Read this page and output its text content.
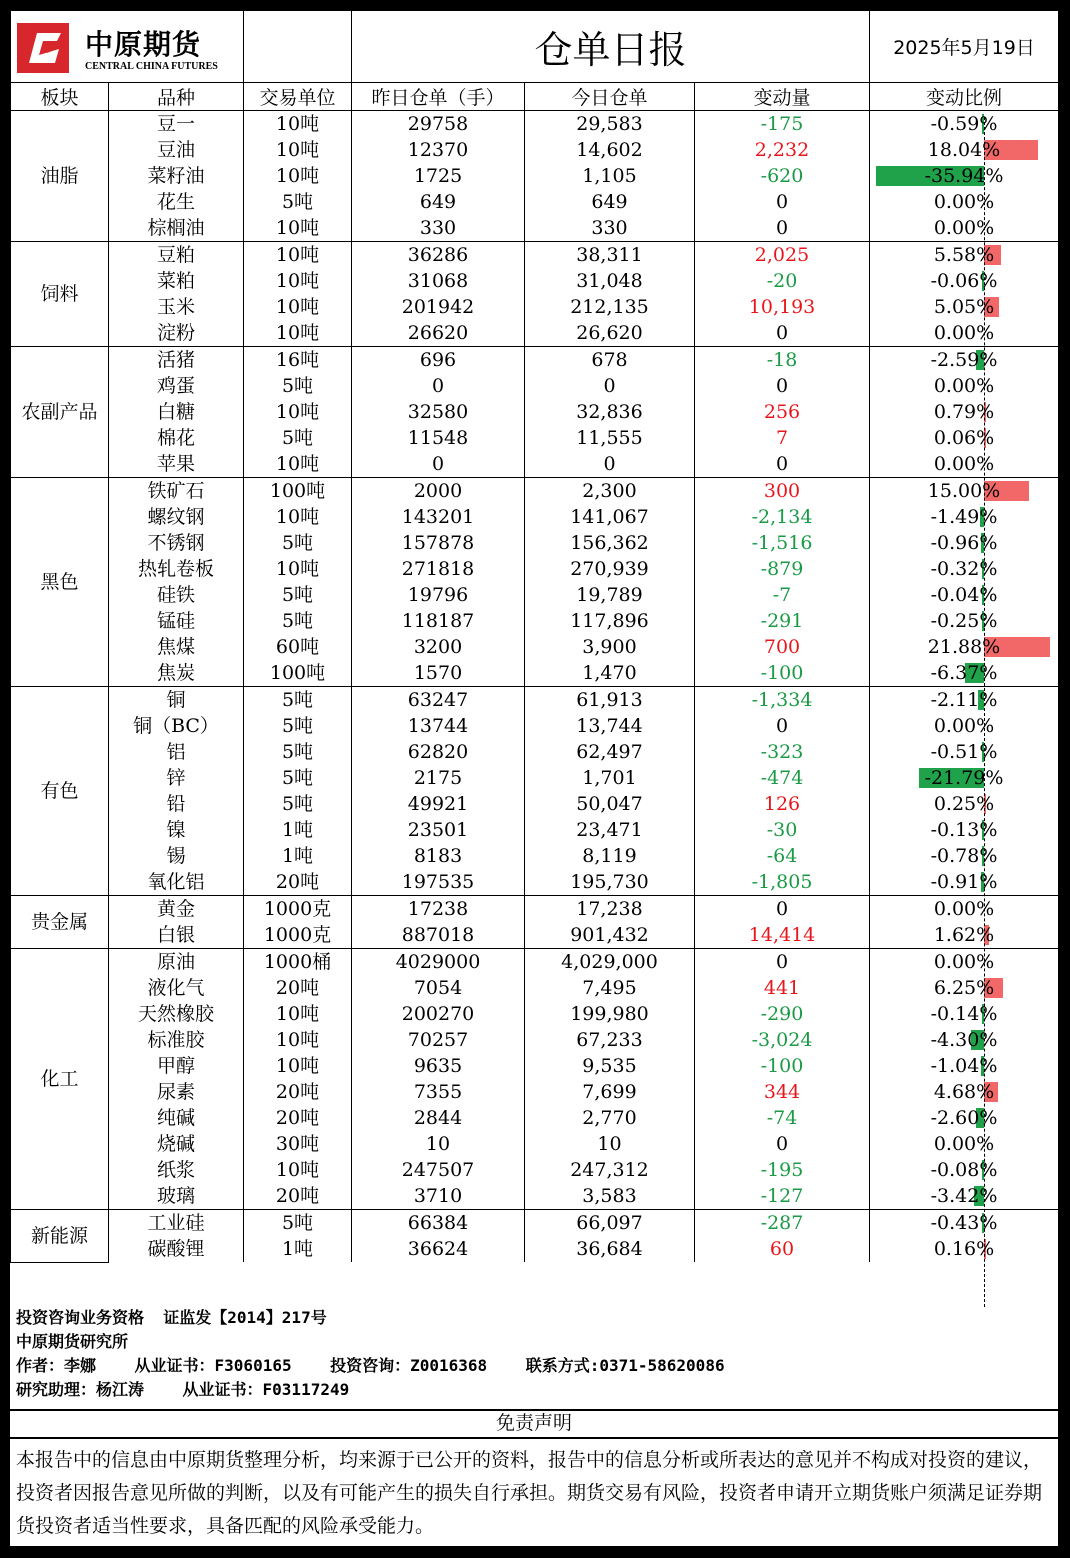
中原期货
CENTRAL CHINA FUTURES			仓单日报			2025年5月19日
板块	品种	交易单位	昨日仓单（手）	今日仓单	变动量	变动比例
油脂	豆一	10吨	29758	29,583	-175	-0.59%
	豆油	10吨	12370	14,602	2,232	18.04%
	菜籽油	10吨	1725	1,105	-620	-35.94%
	花生	5吨	649	649	0	0.00%
	棕榈油	10吨	330	330	0	0.00%
饲料	豆粕	10吨	36286	38,311	2,025	5.58%
	菜粕	10吨	31068	31,048	-20	-0.06%
	玉米	10吨	201942	212,135	10,193	5.05%
	淀粉	10吨	26620	26,620	0	0.00%
农副产品	活猪	16吨	696	678	-18	-2.59%
	鸡蛋	5吨	0	0	0	0.00%
	白糖	10吨	32580	32,836	256	0.79%
	棉花	5吨	11548	11,555	7	0.06%
	苹果	10吨	0	0	0	0.00%
黑色	铁矿石	100吨	2000	2,300	300	15.00%
	螺纹钢	10吨	143201	141,067	-2,134	-1.49%
	不锈钢	5吨	157878	156,362	-1,516	-0.96%
	热轧卷板	10吨	271818	270,939	-879	-0.32%
	硅铁	5吨	19796	19,789	-7	-0.04%
	锰硅	5吨	118187	117,896	-291	-0.25%
	焦煤	60吨	3200	3,900	700	21.88%
	焦炭	100吨	1570	1,470	-100	-6.37%
有色	铜	5吨	63247	61,913	-1,334	-2.11%
	铜（BC）	5吨	13744	13,744	0	0.00%
	铝	5吨	62820	62,497	-323	-0.51%
	锌	5吨	2175	1,701	-474	-21.79%
	铅	5吨	49921	50,047	126	0.25%
	镍	1吨	23501	23,471	-30	-0.13%
	锡	1吨	8183	8,119	-64	-0.78%
	氧化铝	20吨	197535	195,730	-1,805	-0.91%
贵金属	黄金	1000克	17238	17,238	0	0.00%
	白银	1000克	887018	901,432	14,414	1.62%
化工	原油	1000桶	4029000	4,029,000	0	0.00%
	液化气	20吨	7054	7,495	441	6.25%
	天然橡胶	10吨	200270	199,980	-290	-0.14%
	标准胶	10吨	70257	67,233	-3,024	-4.30%
	甲醇	10吨	9635	9,535	-100	-1.04%
	尿素	20吨	7355	7,699	344	4.68%
	纯碱	20吨	2844	2,770	-74	-2.60%
	烧碱	30吨	10	10	0	0.00%
	纸浆	10吨	247507	247,312	-195	-0.08%
	玻璃	20吨	3710	3,583	-127	-3.42%
新能源	工业硅	5吨	66384	66,097	-287	-0.43%
	碳酸锂	1吨	36624	36,684	60	0.16%
投资咨询业务资格  证监发【2014】217号
中原期货研究所
作者：李娜    从业证书：F3060165    投资咨询：Z0016368    联系方式:0371-58620086
研究助理：杨江涛    从业证书：F03117249
免责声明
本报告中的信息由中原期货整理分析，均来源于已公开的资料，报告中的信息分析或所表达的意见并不构成对投资的建议，投资者因报告意见所做的判断，以及有可能产生的损失自行承担。期货交易有风险，投资者申请开立期货账户须满足证券期货投资者适当性要求，具备匹配的风险承受能力。
